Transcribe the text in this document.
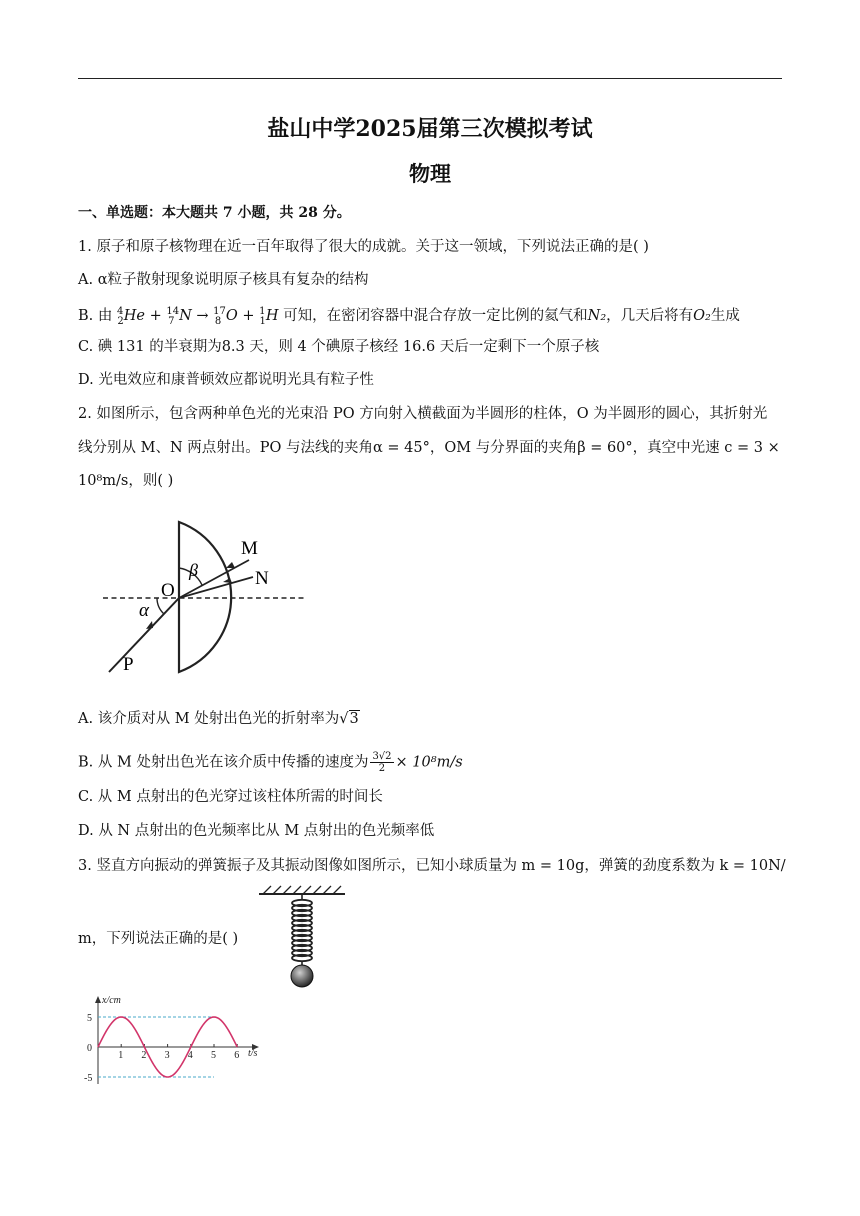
盐山中学2025届第三次模拟考试
物理
一、单选题：本大题共 7 小题，共 28 分。
1. 原子和原子核物理在近一百年取得了很大的成就。关于这一领域，下列说法正确的是( )
A. α粒子散射现象说明原子核具有复杂的结构
B. 由 $^4_2$He + $^{14}_7$ N → $^{17}_8$ O + $^1_1$H 可知，在密闭容器中混合存放一定比例的氦气和N₂，几天后将有O₂生成
C. 碘 131 的半衰期为8.3 天，则 4 个碘原子核经 16.6 天后一定剩下一个原子核
D. 光电效应和康普顿效应都说明光具有粒子性
2. 如图所示，包含两种单色光的光束沿 PO 方向射入横截面为半圆形的柱体，O 为半圆形的圆心，其折射光
线分别从 M、N 两点射出。PO 与法线的夹角α = 45°，OM 与分界面的夹角β = 60°，真空中光速 c = 3 ×
10⁸m/s，则( )
M
N
O
P
α
β
A. 该介质对从 M 处射出色光的折射率为√3
B. 从 M 处射出色光在该介质中传播的速度为 $\frac{3√2}{2} \times 10^8m/s$
C. 从 M 点射出的色光穿过该柱体所需的时间长
D. 从 N 点射出的色光频率比从 M 点射出的色光频率低
3. 竖直方向振动的弹簧振子及其振动图像如图所示，已知小球质量为 m = 10g，弹簧的劲度系数为 k = 10N/
m，下列说法正确的是( )
x/cm
t/s
1 2 3 4 5 6
5
0
-5
